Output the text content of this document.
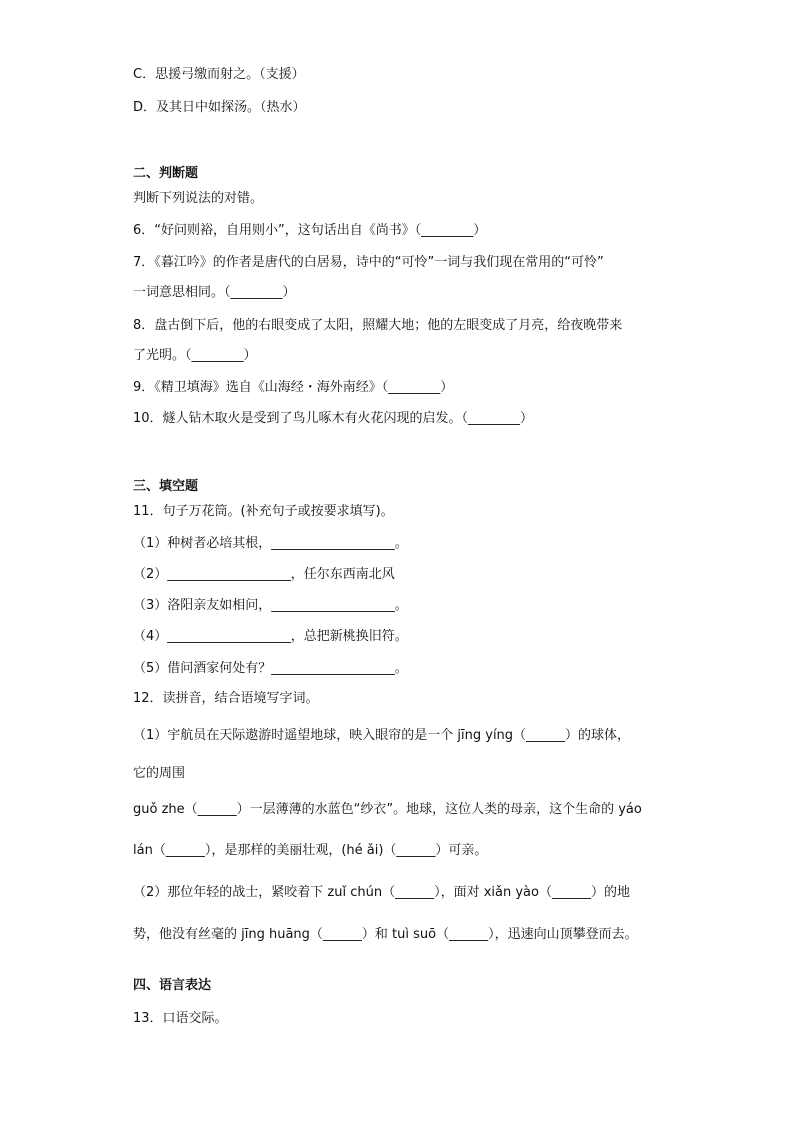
C．思援弓缴而射之。（支援）
D．及其日中如探汤。（热水）
二、判断题
判断下列说法的对错。
6．“好问则裕，自用则小”，这句话出自《尚书》（________）
7．《暮江吟》的作者是唐代的白居易，诗中的“可怜”一词与我们现在常用的“可怜”
一词意思相同。（________）
8．盘古倒下后，他的右眼变成了太阳，照耀大地；他的左眼变成了月亮，给夜晚带来
了光明。（________）
9．《精卫填海》选自《山海经・海外南经》（________）
10．燧人钻木取火是受到了鸟儿啄木有火花闪现的启发。（________）
三、填空题
11．句子万花筒。(补充句子或按要求填写)。
（1）种树者必培其根，___________________。
（2）___________________，任尔东西南北风
（3）洛阳亲友如相问，___________________。
（4）___________________，总把新桃换旧符。
（5）借问酒家何处有？___________________。
12．读拼音，结合语境写字词。
（1）宇航员在天际遨游时遥望地球，映入眼帘的是一个 jīng yíng（______）的球体，
它的周围
guǒ zhe（______）一层薄薄的水蓝色“纱衣”。地球，这位人类的母亲，这个生命的 yáo
lán（______），是那样的美丽壮观，(hé ǎi)（______）可亲。
（2）那位年轻的战士，紧咬着下 zuǐ chún（______），面对 xiǎn yào（______）的地
势，他没有丝毫的 jīng huāng（______）和 tuì suō（______），迅速向山顶攀登而去。
四、语言表达
13．口语交际。
